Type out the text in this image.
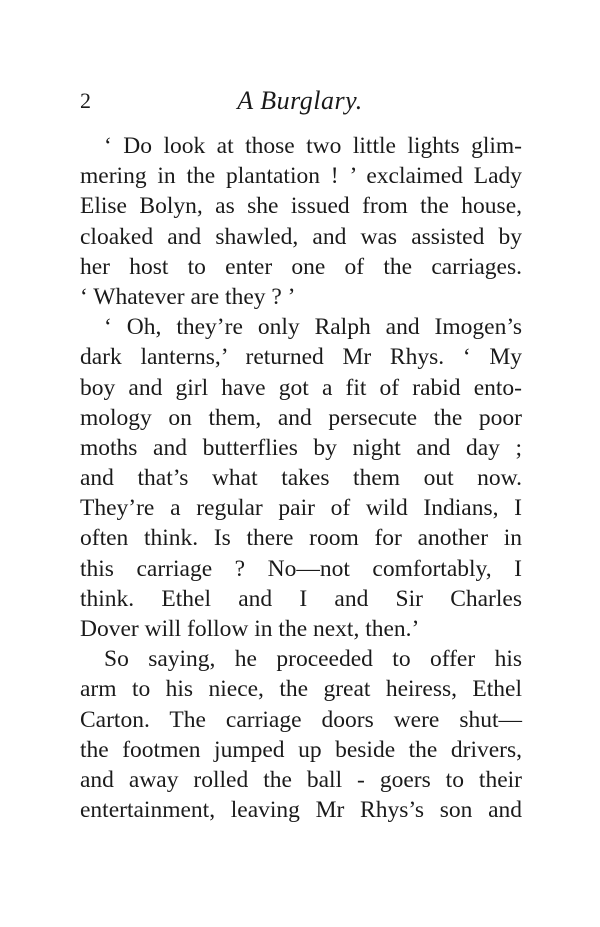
2	A Burglary.
‘ Do look at those two little lights glim-
mering in the plantation ! ’ exclaimed Lady
Elise Bolyn, as she issued from the house,
cloaked and shawled, and was assisted by
her host to enter one of the carriages.
‘ Whatever are they ? ’
‘ Oh, they’re only Ralph and Imogen’s
dark lanterns,’ returned Mr Rhys. ‘ My
boy and girl have got a fit of rabid ento-
mology on them, and persecute the poor
moths and butterflies by night and day ;
and that’s what takes them out now.
They’re a regular pair of wild Indians, I
often think. Is there room for another in
this carriage ? No—not comfortably, I
think. Ethel and I and Sir Charles
Dover will follow in the next, then.’
So saying, he proceeded to offer his
arm to his niece, the great heiress, Ethel
Carton. The carriage doors were shut—
the footmen jumped up beside the drivers,
and away rolled the ball - goers to their
entertainment, leaving Mr Rhys’s son and
